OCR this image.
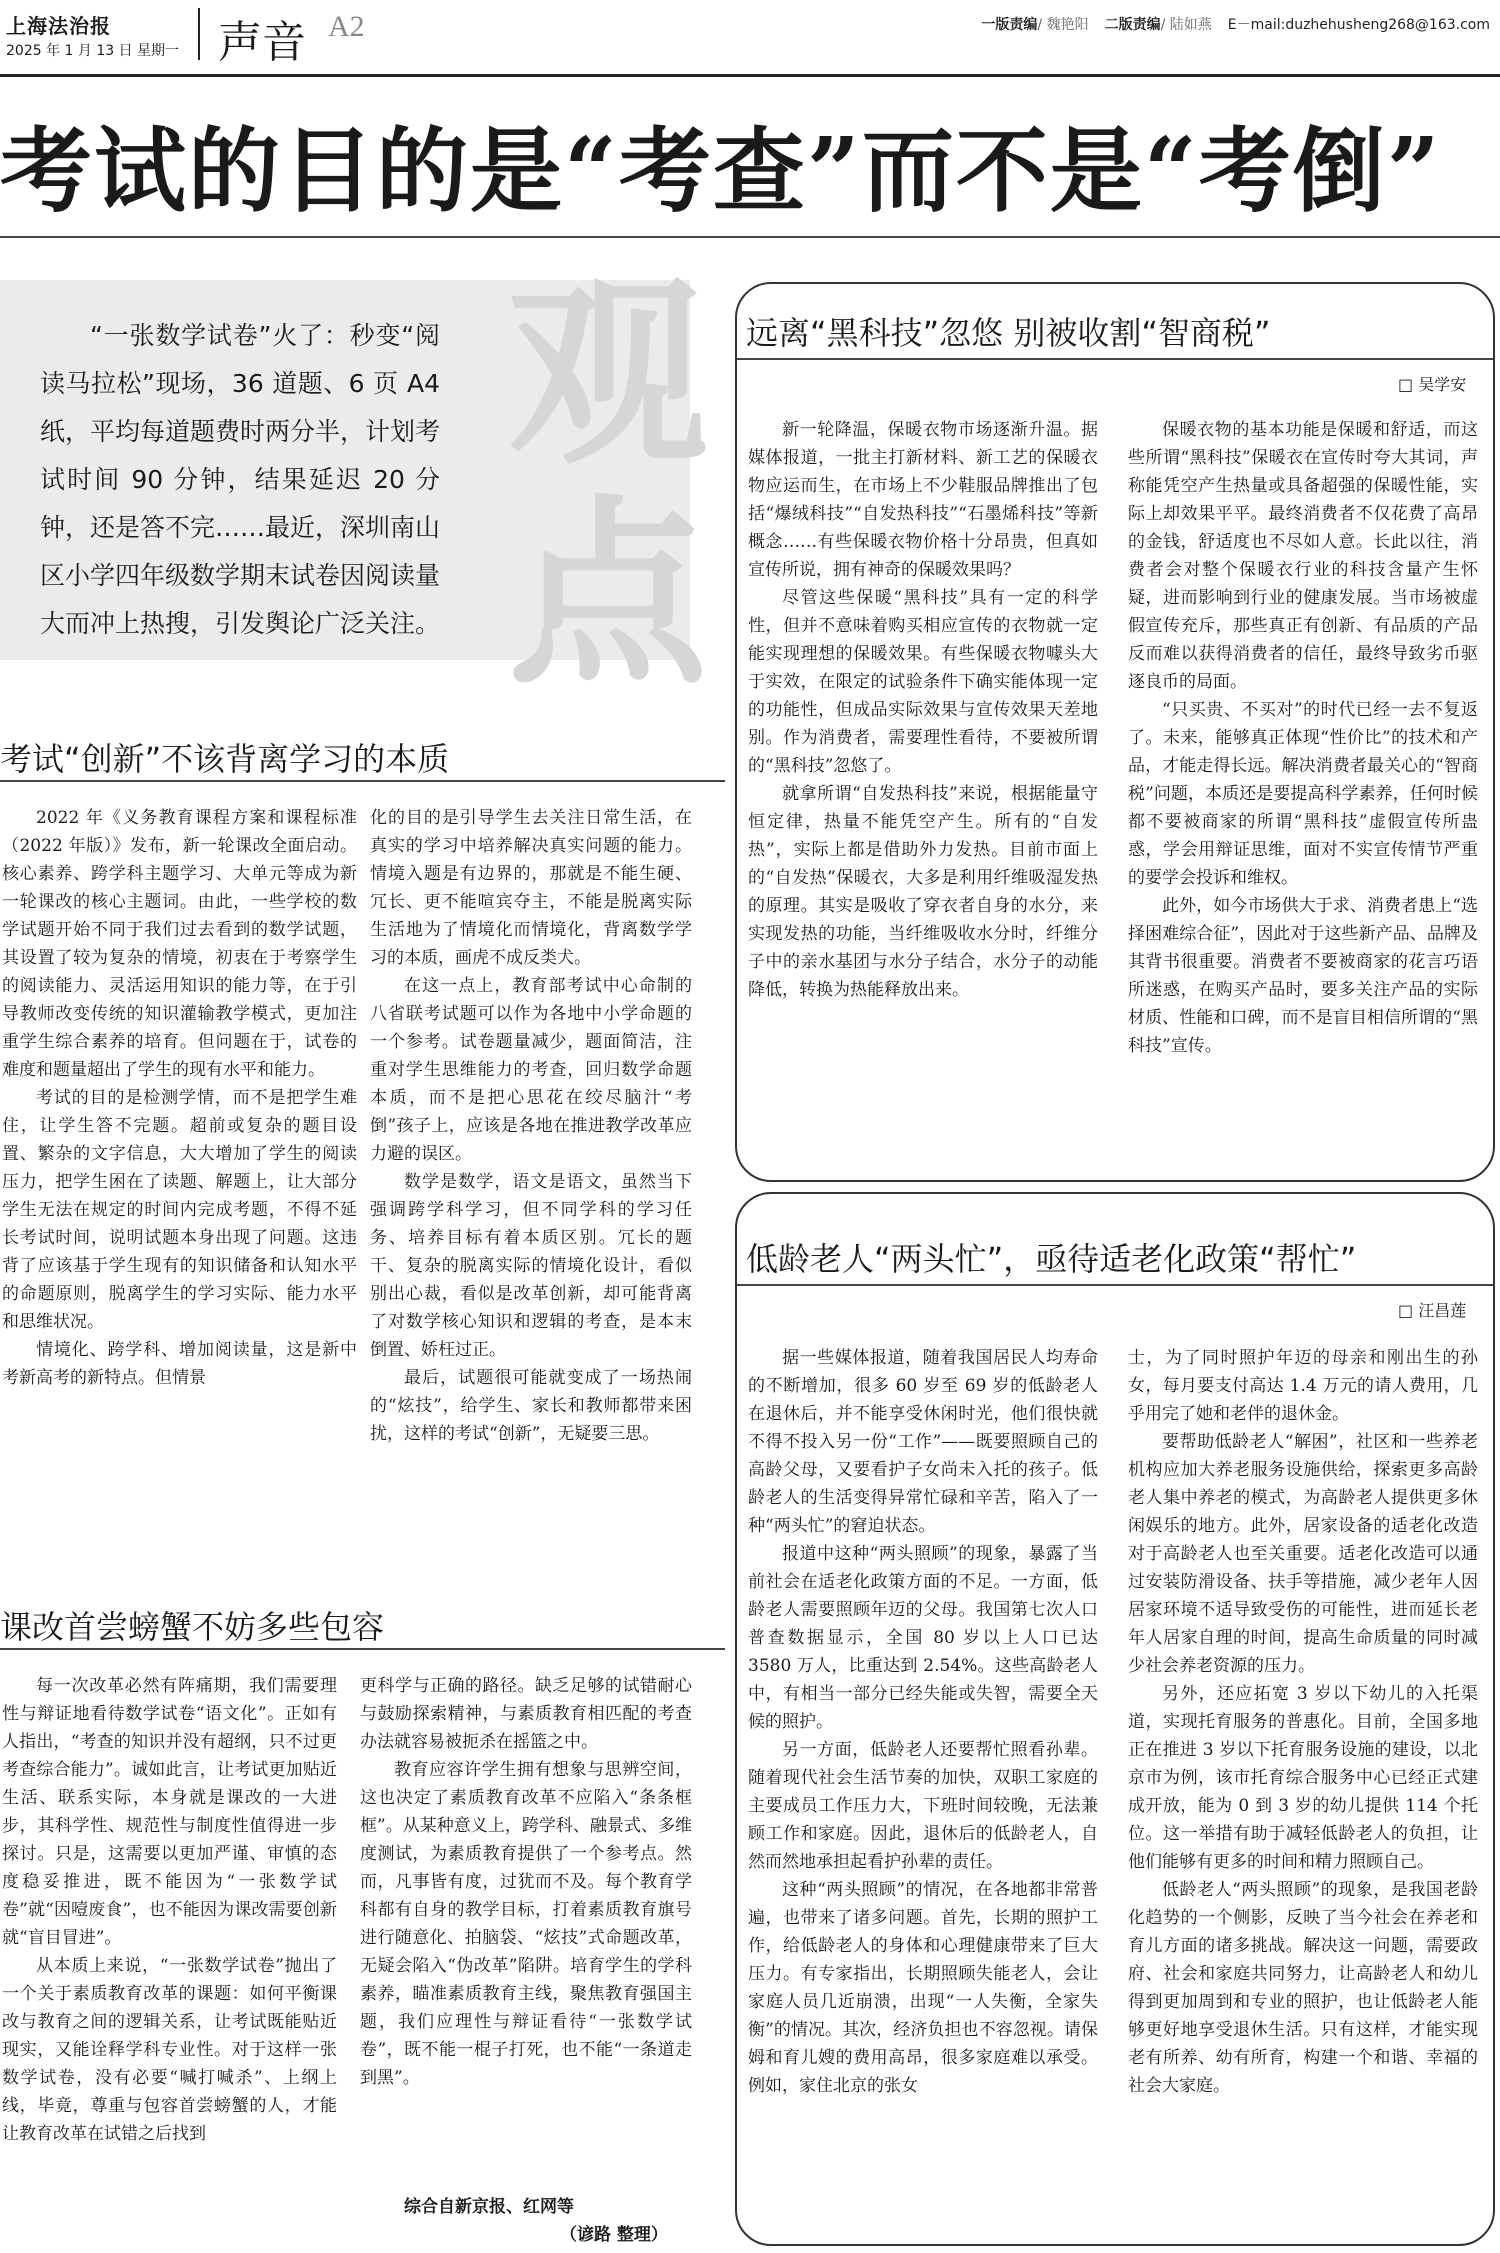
上海法治报
2025 年 1 月 13 日 星期一 声音 A2	一版责编/ 魏艳阳 二版责编/ 陆如燕 E－mail:duzhehusheng268@163.com
考试的目的是“考查”而不是“考倒”
“一张数学试卷”火了：秒变“阅读马拉松”现场，36 道题、6 页 A4 纸，平均每道题费时两分半，计划考试时间 90 分钟，结果延迟 20 分钟，还是答不完……最近，深圳南山区小学四年级数学期末试卷因阅读量大而冲上热搜，引发舆论广泛关注。
观
点
考试“创新”不该背离学习的本质

2022 年《义务教育课程方案和课程标准（2022 年版）》发布，新一轮课改全面启动。核心素养、跨学科主题学习、大单元等成为新一轮课改的核心主题词。由此，一些学校的数学试题开始不同于我们过去看到的数学试题，其设置了较为复杂的情境，初衷在于考察学生的阅读能力、灵活运用知识的能力等，在于引导教师改变传统的知识灌输教学模式，更加注重学生综合素养的培育。但问题在于，试卷的难度和题量超出了学生的现有水平和能力。

考试的目的是检测学情，而不是把学生难住，让学生答不完题。超前或复杂的题目设置、繁杂的文字信息，大大增加了学生的阅读压力，把学生困在了读题、解题上，让大部分学生无法在规定的时间内完成考题，不得不延长考试时间，说明试题本身出现了问题。这违背了应该基于学生现有的知识储备和认知水平的命题原则，脱离学生的学习实际、能力水平和思维状况。

情境化、跨学科、增加阅读量，这是新中考新高考的新特点。但情景

化的目的是引导学生去关注日常生活，在真实的学习中培养解决真实问题的能力。情境入题是有边界的，那就是不能生硬、冗长、更不能喧宾夺主，不能是脱离实际生活地为了情境化而情境化，背离数学学习的本质，画虎不成反类犬。

在这一点上，教育部考试中心命制的八省联考试题可以作为各地中小学命题的一个参考。试卷题量减少，题面简洁，注重对学生思维能力的考查，回归数学命题本质，而不是把心思花在绞尽脑汁“考倒”孩子上，应该是各地在推进教学改革应力避的误区。

数学是数学，语文是语文，虽然当下强调跨学科学习，但不同学科的学习任务、培养目标有着本质区别。冗长的题干、复杂的脱离实际的情境化设计，看似别出心裁，看似是改革创新，却可能背离了对数学核心知识和逻辑的考查，是本末倒置、娇枉过正。

最后，试题很可能就变成了一场热闹的“炫技”，给学生、家长和教师都带来困扰，这样的考试“创新”，无疑要三思。

课改首尝螃蟹不妨多些包容

每一次改革必然有阵痛期，我们需要理性与辩证地看待数学试卷“语文化”。正如有人指出，“考查的知识并没有超纲，只不过更考查综合能力”。诚如此言，让考试更加贴近生活、联系实际，本身就是课改的一大进步，其科学性、规范性与制度性值得进一步探讨。只是，这需要以更加严谨、审慎的态度稳妥推进，既不能因为“一张数学试卷”就“因噎废食”，也不能因为课改需要创新就“盲目冒进”。

从本质上来说，“一张数学试卷”抛出了一个关于素质教育改革的课题：如何平衡课改与教育之间的逻辑关系，让考试既能贴近现实，又能诠释学科专业性。对于这样一张数学试卷，没有必要“喊打喊杀”、上纲上线，毕竟，尊重与包容首尝螃蟹的人，才能让教育改革在试错之后找到

更科学与正确的路径。缺乏足够的试错耐心与鼓励探索精神，与素质教育相匹配的考查办法就容易被扼杀在摇篮之中。

教育应容许学生拥有想象与思辨空间，这也决定了素质教育改革不应陷入“条条框框”。从某种意义上，跨学科、融景式、多维度测试，为素质教育提供了一个参考点。然而，凡事皆有度，过犹而不及。每个教育学科都有自身的教学目标，打着素质教育旗号进行随意化、拍脑袋、“炫技”式命题改革，无疑会陷入“伪改革”陷阱。培育学生的学科素养，瞄准素质教育主线，聚焦教育强国主题，我们应理性与辩证看待“一张数学试卷”，既不能一棍子打死，也不能“一条道走到黑”。

综合自新京报、红网等
（谚路 整理）
远离“黑科技”忽悠 别被收割“智商税”
□ 吴学安

新一轮降温，保暖衣物市场逐渐升温。据媒体报道，一批主打新材料、新工艺的保暖衣物应运而生，在市场上不少鞋服品牌推出了包括“爆绒科技”“自发热科技”“石墨烯科技”等新概念……有些保暖衣物价格十分昂贵，但真如宣传所说，拥有神奇的保暖效果吗？

尽管这些保暖“黑科技”具有一定的科学性，但并不意味着购买相应宣传的衣物就一定能实现理想的保暖效果。有些保暖衣物噱头大于实效，在限定的试验条件下确实能体现一定的功能性，但成品实际效果与宣传效果天差地别。作为消费者，需要理性看待，不要被所谓的“黑科技”忽悠了。

就拿所谓“自发热科技”来说，根据能量守恒定律，热量不能凭空产生。所有的“自发热”，实际上都是借助外力发热。目前市面上的“自发热”保暖衣，大多是利用纤维吸湿发热的原理。其实是吸收了穿衣者自身的水分，来实现发热的功能，当纤维吸收水分时，纤维分子中的亲水基团与水分子结合，水分子的动能降低，转换为热能释放出来。

保暖衣物的基本功能是保暖和舒适，而这些所谓“黑科技”保暖衣在宣传时夸大其词，声称能凭空产生热量或具备超强的保暖性能，实际上却效果平平。最终消费者不仅花费了高昂的金钱，舒适度也不尽如人意。长此以往，消费者会对整个保暖衣行业的科技含量产生怀疑，进而影响到行业的健康发展。当市场被虚假宣传充斥，那些真正有创新、有品质的产品反而难以获得消费者的信任，最终导致劣币驱逐良币的局面。

“只买贵、不买对”的时代已经一去不复返了。未来，能够真正体现“性价比”的技术和产品，才能走得长远。解决消费者最关心的“智商税”问题，本质还是要提高科学素养，任何时候都不要被商家的所谓“黑科技”虚假宣传所蛊惑，学会用辩证思维，面对不实宣传情节严重的要学会投诉和维权。

此外，如今市场供大于求、消费者患上“选择困难综合征”，因此对于这些新产品、品牌及其背书很重要。消费者不要被商家的花言巧语所迷惑，在购买产品时，要多关注产品的实际材质、性能和口碑，而不是盲目相信所谓的“黑科技”宣传。

低龄老人“两头忙”，亟待适老化政策“帮忙”
□ 汪昌莲

据一些媒体报道，随着我国居民人均寿命的不断增加，很多 60 岁至 69 岁的低龄老人在退休后，并不能享受休闲时光，他们很快就不得不投入另一份“工作”——既要照顾自己的高龄父母，又要看护子女尚未入托的孩子。低龄老人的生活变得异常忙碌和辛苦，陷入了一种“两头忙”的窘迫状态。

报道中这种“两头照顾”的现象，暴露了当前社会在适老化政策方面的不足。一方面，低龄老人需要照顾年迈的父母。我国第七次人口普查数据显示，全国 80 岁以上人口已达 3580 万人，比重达到 2.54%。这些高龄老人中，有相当一部分已经失能或失智，需要全天候的照护。

另一方面，低龄老人还要帮忙照看孙辈。随着现代社会生活节奏的加快，双职工家庭的主要成员工作压力大，下班时间较晚，无法兼顾工作和家庭。因此，退休后的低龄老人，自然而然地承担起看护孙辈的责任。

这种“两头照顾”的情况，在各地都非常普遍，也带来了诸多问题。首先，长期的照护工作，给低龄老人的身体和心理健康带来了巨大压力。有专家指出，长期照顾失能老人，会让家庭人员几近崩溃，出现“一人失衡，全家失衡”的情况。其次，经济负担也不容忽视。请保姆和育儿嫂的费用高昂，很多家庭难以承受。例如，家住北京的张女

士，为了同时照护年迈的母亲和刚出生的孙女，每月要支付高达 1.4 万元的请人费用，几乎用完了她和老伴的退休金。

要帮助低龄老人“解困”，社区和一些养老机构应加大养老服务设施供给，探索更多高龄老人集中养老的模式，为高龄老人提供更多休闲娱乐的地方。此外，居家设备的适老化改造对于高龄老人也至关重要。适老化改造可以通过安装防滑设备、扶手等措施，减少老年人因居家环境不适导致受伤的可能性，进而延长老年人居家自理的时间，提高生命质量的同时减少社会养老资源的压力。

另外，还应拓宽 3 岁以下幼儿的入托渠道，实现托育服务的普惠化。目前，全国多地正在推进 3 岁以下托育服务设施的建设，以北京市为例，该市托育综合服务中心已经正式建成开放，能为 0 到 3 岁的幼儿提供 114 个托位。这一举措有助于减轻低龄老人的负担，让他们能够有更多的时间和精力照顾自己。

低龄老人“两头照顾”的现象，是我国老龄化趋势的一个侧影，反映了当今社会在养老和育儿方面的诸多挑战。解决这一问题，需要政府、社会和家庭共同努力，让高龄老人和幼儿得到更加周到和专业的照护，也让低龄老人能够更好地享受退休生活。只有这样，才能实现老有所养、幼有所育，构建一个和谐、幸福的社会大家庭。
